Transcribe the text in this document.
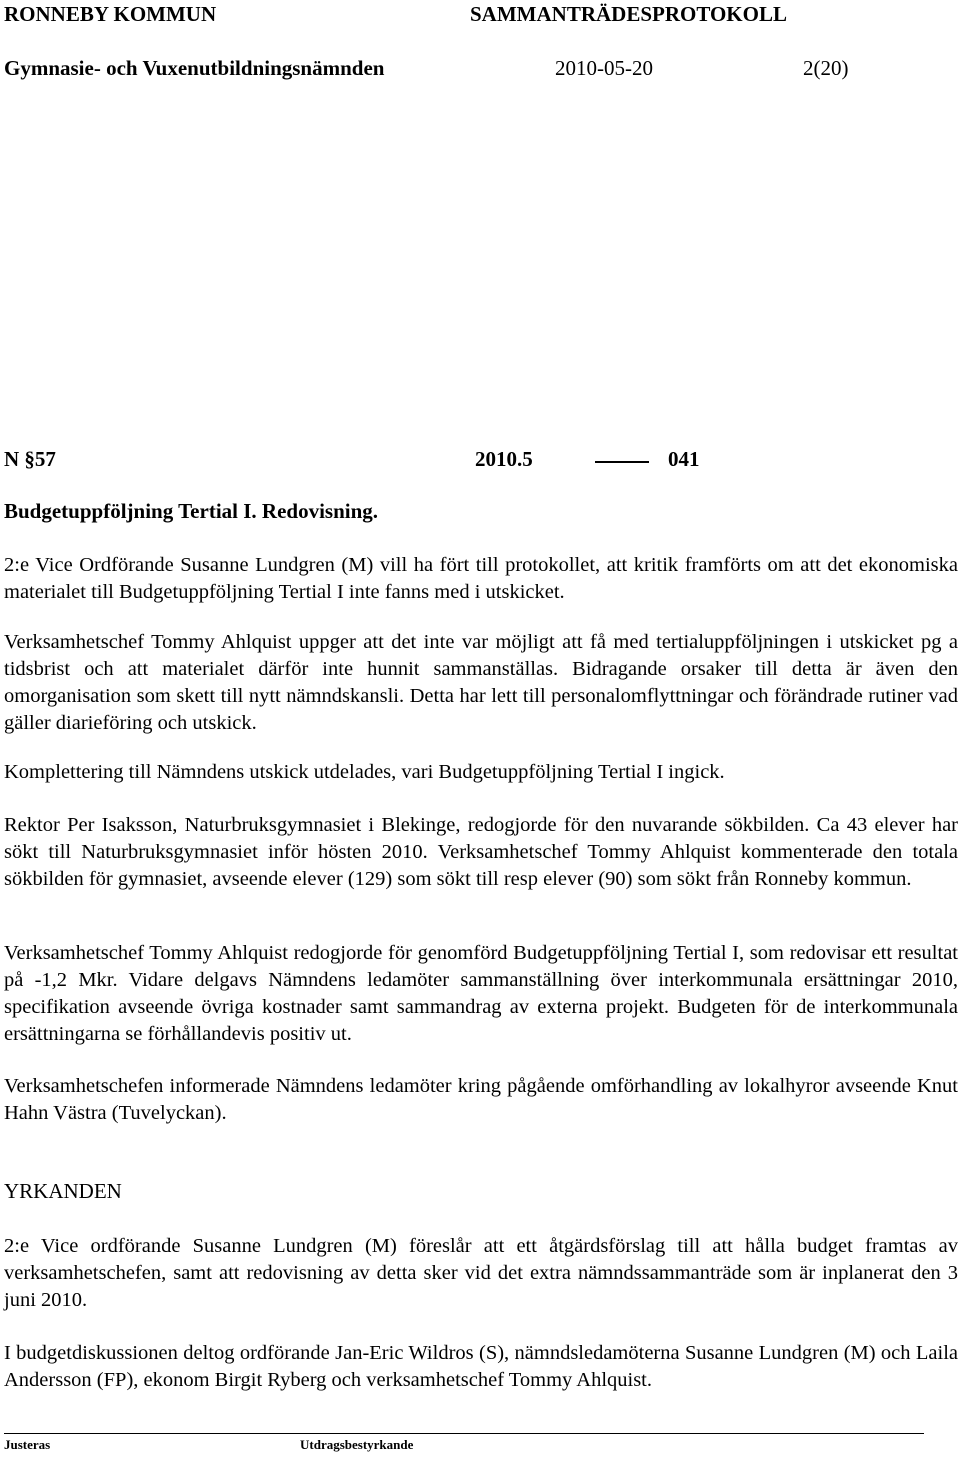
RONNEBY KOMMUN	SAMMANTRÄDESPROTOKOLL
Gymnasie- och Vuxenutbildningsnämnden	2010-05-20	2(20)
N §57	2010.5	041
Budgetuppföljning Tertial I. Redovisning.

2:e Vice Ordförande Susanne Lundgren (M) vill ha fört till protokollet, att kritik framförts om att det ekonomiska materialet till Budgetuppföljning Tertial I inte fanns med i utskicket.

Verksamhetschef Tommy Ahlquist uppger att det inte var möjligt att få med tertialuppföljningen i utskicket pg a tidsbrist och att materialet därför inte hunnit sammanställas. Bidragande orsaker till detta är även den omorganisation som skett till nytt nämndskansli. Detta har lett till personalomflyttningar och förändrade rutiner vad gäller diarieföring och utskick.

Komplettering till Nämndens utskick utdelades, vari Budgetuppföljning Tertial I ingick.

Rektor Per Isaksson, Naturbruksgymnasiet i Blekinge, redogjorde för den nuvarande sökbilden. Ca 43 elever har sökt till Naturbruksgymnasiet inför hösten 2010. Verksamhetschef Tommy Ahlquist kommenterade den totala sökbilden för gymnasiet, avseende elever (129) som sökt till resp elever (90) som sökt från Ronneby kommun.

Verksamhetschef Tommy Ahlquist redogjorde för genomförd Budgetuppföljning Tertial I, som redovisar ett resultat på -1,2 Mkr. Vidare delgavs Nämndens ledamöter sammanställning över interkommunala ersättningar 2010, specifikation avseende övriga kostnader samt sammandrag av externa projekt. Budgeten för de interkommunala ersättningarna se förhållandevis positiv ut.

Verksamhetschefen informerade Nämndens ledamöter kring pågående omförhandling av lokalhyror avseende Knut Hahn Västra (Tuvelyckan).

YRKANDEN

2:e Vice ordförande Susanne Lundgren (M) föreslår att ett åtgärdsförslag till att hålla budget framtas av verksamhetschefen, samt att redovisning av detta sker vid det extra nämndssammanträde som är inplanerat den 3 juni 2010.

I budgetdiskussionen deltog ordförande Jan-Eric Wildros (S), nämndsledamöterna Susanne Lundgren (M) och Laila Andersson (FP), ekonom Birgit Ryberg och verksamhetschef Tommy Ahlquist.

Justeras	Utdragsbestyrkande
